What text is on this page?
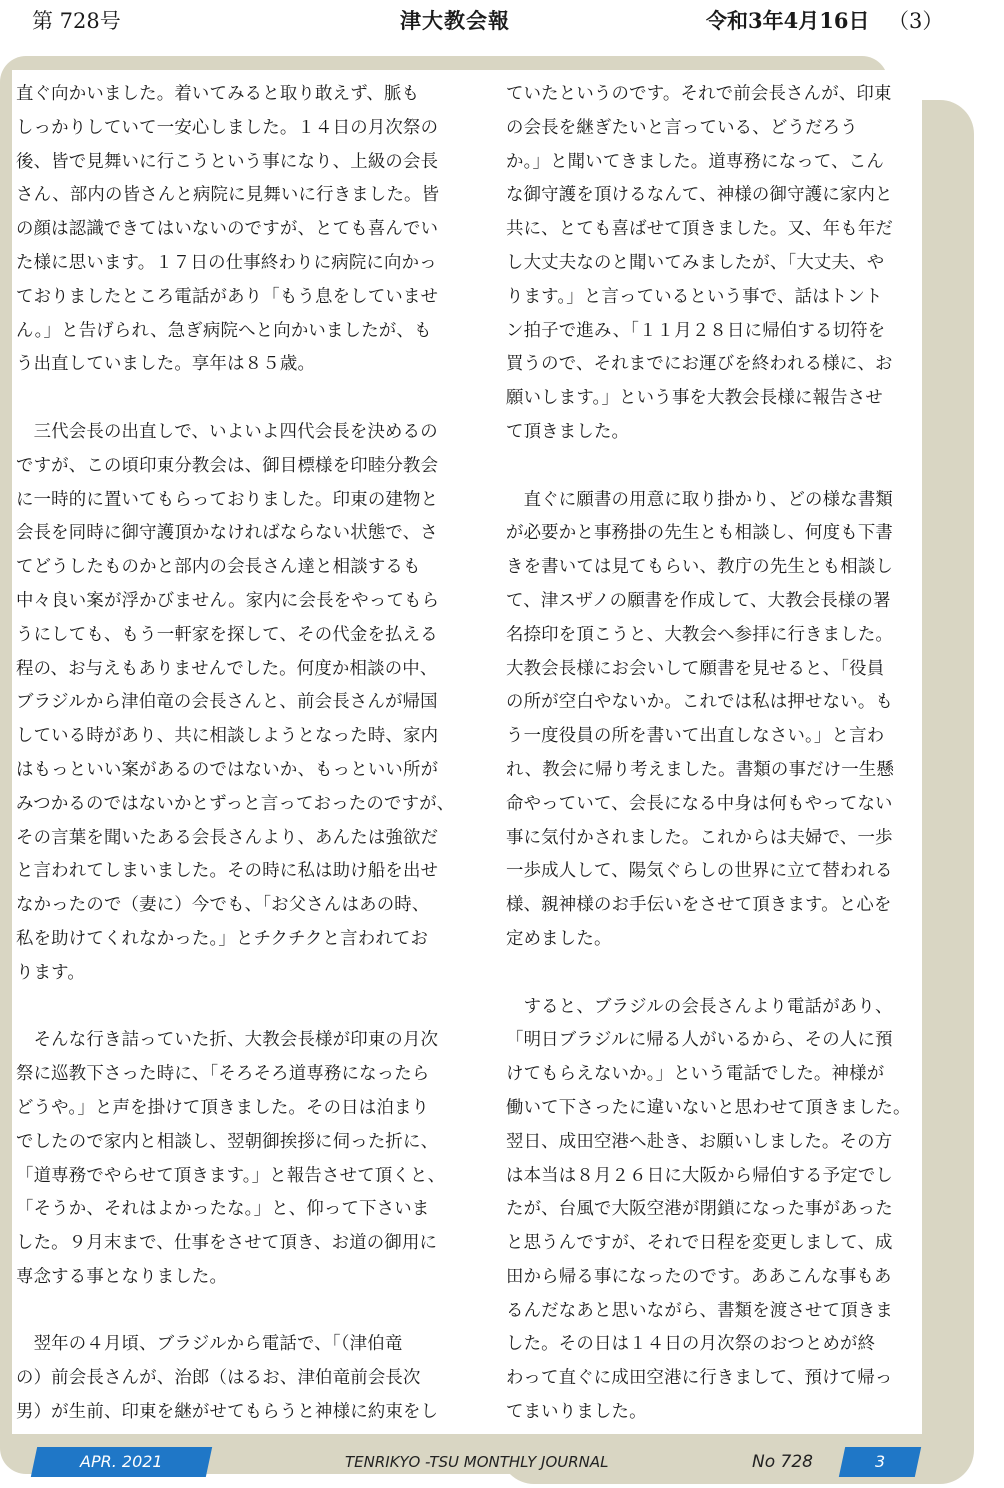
第 728号	津大教会報	令和3年4月16日 （3）
直ぐ向かいました。着いてみると取り敢えず、脈も
しっかりしていて一安心しました。１４日の月次祭の
後、皆で見舞いに行こうという事になり、上級の会長
さん、部内の皆さんと病院に見舞いに行きました。皆
の顔は認識できてはいないのですが、とても喜んでい
た様に思います。１７日の仕事終わりに病院に向かっ
ておりましたところ電話があり「もう息をしていませ
ん。」と告げられ、急ぎ病院へと向かいましたが、も
う出直していました。享年は８５歳。
　三代会長の出直しで、いよいよ四代会長を決めるの
ですが、この頃印東分教会は、御目標様を印睦分教会
に一時的に置いてもらっておりました。印東の建物と
会長を同時に御守護頂かなければならない状態で、さ
てどうしたものかと部内の会長さん達と相談するも
中々良い案が浮かびません。家内に会長をやってもら
うにしても、もう一軒家を探して、その代金を払える
程の、お与えもありませんでした。何度か相談の中、
ブラジルから津伯竜の会長さんと、前会長さんが帰国
している時があり、共に相談しようとなった時、家内
はもっといい案があるのではないか、もっといい所が
みつかるのではないかとずっと言っておったのですが、
その言葉を聞いたある会長さんより、あんたは強欲だ
と言われてしまいました。その時に私は助け船を出せ
なかったので（妻に）今でも、「お父さんはあの時、
私を助けてくれなかった。」とチクチクと言われてお
ります。
　そんな行き詰っていた折、大教会長様が印東の月次
祭に巡教下さった時に、「そろそろ道専務になったら
どうや。」と声を掛けて頂きました。その日は泊まり
でしたので家内と相談し、翌朝御挨拶に伺った折に、
「道専務でやらせて頂きます。」と報告させて頂くと、
「そうか、それはよかったな。」と、仰って下さいま
した。９月末まで、仕事をさせて頂き、お道の御用に
専念する事となりました。
　翌年の４月頃、ブラジルから電話で、「（津伯竜
の）前会長さんが、治郎（はるお、津伯竜前会長次
男）が生前、印東を継がせてもらうと神様に約束をし
ていたというのです。それで前会長さんが、印東
の会長を継ぎたいと言っている、どうだろう
か。」と聞いてきました。道専務になって、こん
な御守護を頂けるなんて、神様の御守護に家内と
共に、とても喜ばせて頂きました。又、年も年だ
し大丈夫なのと聞いてみましたが、「大丈夫、や
ります。」と言っているという事で、話はトント
ン拍子で進み、「１１月２８日に帰伯する切符を
買うので、それまでにお運びを終われる様に、お
願いします。」という事を大教会長様に報告させ
て頂きました。
　直ぐに願書の用意に取り掛かり、どの様な書類
が必要かと事務掛の先生とも相談し、何度も下書
きを書いては見てもらい、教庁の先生とも相談し
て、津スザノの願書を作成して、大教会長様の署
名捺印を頂こうと、大教会へ参拝に行きました。
大教会長様にお会いして願書を見せると、「役員
の所が空白やないか。これでは私は押せない。も
う一度役員の所を書いて出直しなさい。」と言わ
れ、教会に帰り考えました。書類の事だけ一生懸
命やっていて、会長になる中身は何もやってない
事に気付かされました。これからは夫婦で、一歩
一歩成人して、陽気ぐらしの世界に立て替われる
様、親神様のお手伝いをさせて頂きます。と心を
定めました。
　すると、ブラジルの会長さんより電話があり、
「明日ブラジルに帰る人がいるから、その人に預
けてもらえないか。」という電話でした。神様が
働いて下さったに違いないと思わせて頂きました。
翌日、成田空港へ赴き、お願いしました。その方
は本当は８月２６日に大阪から帰伯する予定でし
たが、台風で大阪空港が閉鎖になった事があった
と思うんですが、それで日程を変更しまして、成
田から帰る事になったのです。ああこんな事もあ
るんだなあと思いながら、書類を渡させて頂きま
した。その日は１４日の月次祭のおつとめが終
わって直ぐに成田空港に行きまして、預けて帰っ
てまいりました。
APR. 2021	TENRIKYO -TSU MONTHLY JOURNAL	No 728	3
